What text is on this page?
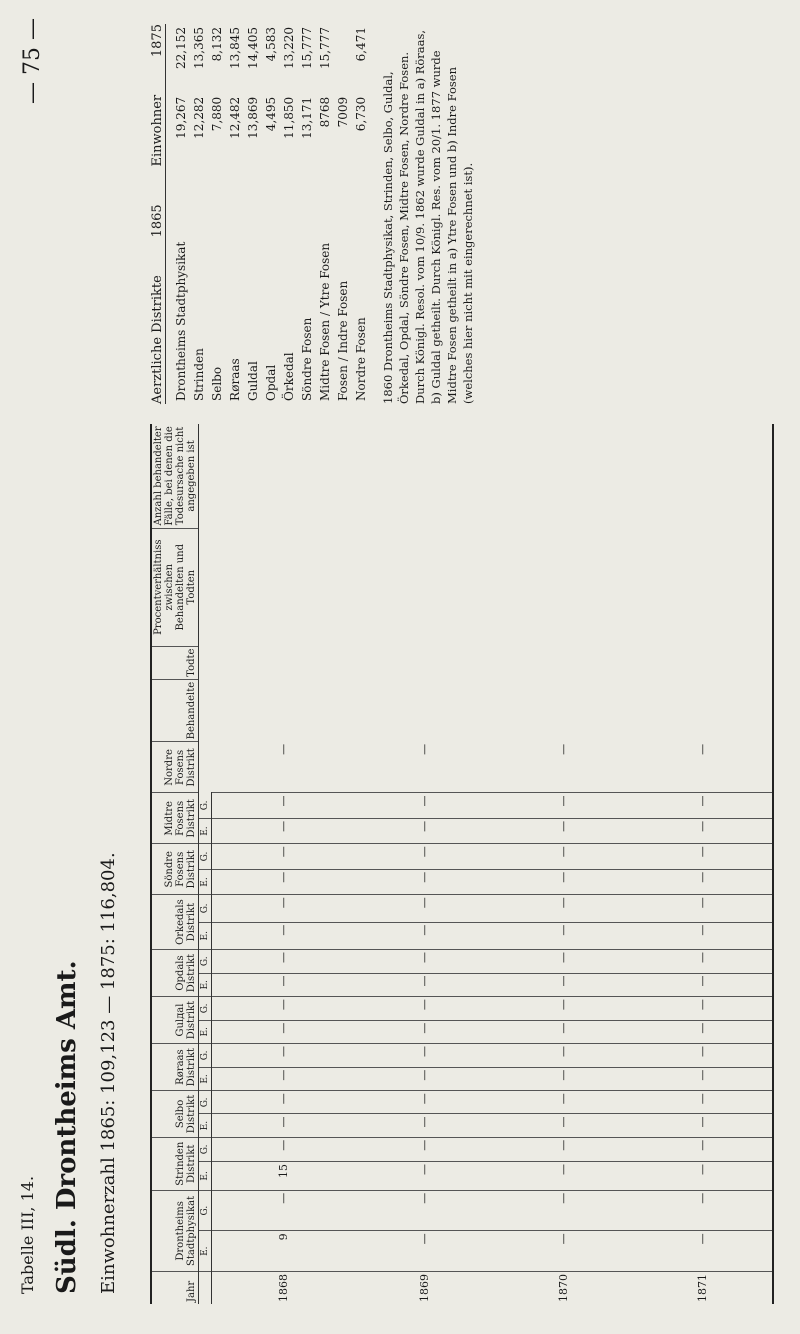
Tabelle III, 14. Südl. Drontheims Amt. Einwohnerzahl 1865: 109,123 — 1875: 116,804.
— 75 —
Jahr	Drontheims Stadtphysikat		Strinden Distrikt		Selbo Distrikt		Røraas Distrikt		Gulдal Distrikt		Opdals Distrikt		Orkedals Distrikt		Söndre Fosens Distrikt		Midtre Fosens Distrikt		Nordre Fosens Distrikt	Behandelte	Todte	Procentverhältniss zwischen Behandelten und Todten	Anzahl behandelter Fälle, bei denen die Todesursache nicht angegeben ist
	E.	G.	E.	G.	E.	G.	E.	G.	E.	G.	E.	G.	E.	G.	E.	G.	E.	G.					
1868	9	—	15	—	—	—	—	—	—	—	—	—	—	—	—	—	—	—	—				
1869	—	—	—	—	—	—	—	—	—	—	—	—	—	—	—	—	—	—	—				
1870	—	—	—	—	—	—	—	—	—	—	—	—	—	—	—	—	—	—	—				
1871	—	—	—	—	—	—	—	—	—	—	—	—	—	—	—	—	—	—	—				
Aerztliche Distrikte
1865
Einwohner
1875
Drontheims Stadtphysikat	19,267	22,152
Strinden	12,282	13,365
Selbo	7,880	8,132
Røraas	12,482	13,845
Guldal	13,869	14,405
Opdal	4,495	4,583
Örkedal	11,850	13,220
Söndre Fosen	13,171	15,777
Midtre Fosen / Ytre Fosen	8768	15,777
Fosen / Indre Fosen	7009	
Nordre Fosen	6,730	6,471
1860 Drontheims Stadtphysikat, Strinden, Selbo, Guldal, Örkedal, Opdal, Söndre Fosen, Midtre Fosen, Nordre Fosen. Durch Königl. Resol. vom 10/9. 1862 wurde Guldal in a) Röraas, b) Guldal getheilt. Durch Königl. Res. vom 20/1. 1877 wurde Midtre Fosen getheilt in a) Ytre Fosen und b) Indre Fosen (welches hier nicht mit eingerechnet ist).
